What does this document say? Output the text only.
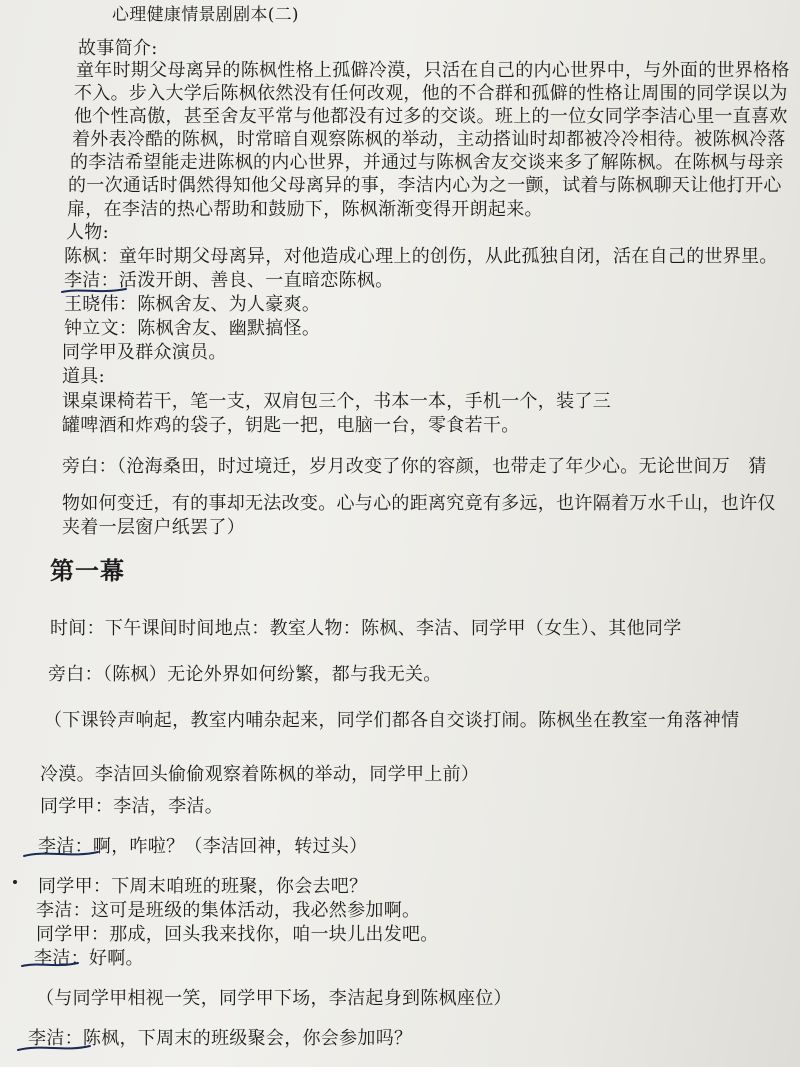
心理健康情景剧剧本(二)
故事简介:
童年时期父母离异的陈枫性格上孤僻冷漠，只活在自己的内心世界中，与外面的世界格格
不入。步入大学后陈枫依然没有任何改观，他的不合群和孤僻的性格让周围的同学误以为
他个性高傲，甚至舍友平常与他都没有过多的交谈。班上的一位女同学李洁心里一直喜欢
着外表冷酷的陈枫，时常暗自观察陈枫的举动，主动搭讪时却都被冷冷相待。被陈枫冷落
的李洁希望能走进陈枫的内心世界，并通过与陈枫舍友交谈来多了解陈枫。在陈枫与母亲
的一次通话时偶然得知他父母离异的事，李洁内心为之一颤，试着与陈枫聊天让他打开心
扉，在李洁的热心帮助和鼓励下，陈枫渐渐变得开朗起来。
人物:
陈枫：童年时期父母离异，对他造成心理上的创伤，从此孤独自闭，活在自己的世界里。
李洁：活泼开朗、善良、一直暗恋陈枫。
王晓伟：陈枫舍友、为人豪爽。
钟立文：陈枫舍友、幽默搞怪。
同学甲及群众演员。
道具:
课桌课椅若干，笔一支，双肩包三个，书本一本，手机一个，装了三
罐啤酒和炸鸡的袋子，钥匙一把，电脑一台，零食若干。
旁白：（沧海桑田，时过境迁，岁月改变了你的容颜，也带走了年少心。无论世间万　猜
物如何变迁，有的事却无法改变。心与心的距离究竟有多远，也许隔着万水千山，也许仅
夹着一层窗户纸罢了）
第一幕
时间：下午课间时间地点：教室人物：陈枫、李洁、同学甲（女生）、其他同学
旁白：（陈枫）无论外界如何纷繁，都与我无关。
（下课铃声响起，教室内哺杂起来，同学们都各自交谈打闹。陈枫坐在教室一角落神情
冷漠。李洁回头偷偷观察着陈枫的举动，同学甲上前）
同学甲：李洁，李洁。
李洁：啊，咋啦？（李洁回神，转过头）
同学甲：下周末咱班的班聚，你会去吧？
李洁：这可是班级的集体活动，我必然参加啊。
同学甲：那成，回头我来找你，咱一块儿出发吧。
李洁：好啊。
（与同学甲相视一笑，同学甲下场，李洁起身到陈枫座位）
李洁：陈枫，下周末的班级聚会，你会参加吗？
